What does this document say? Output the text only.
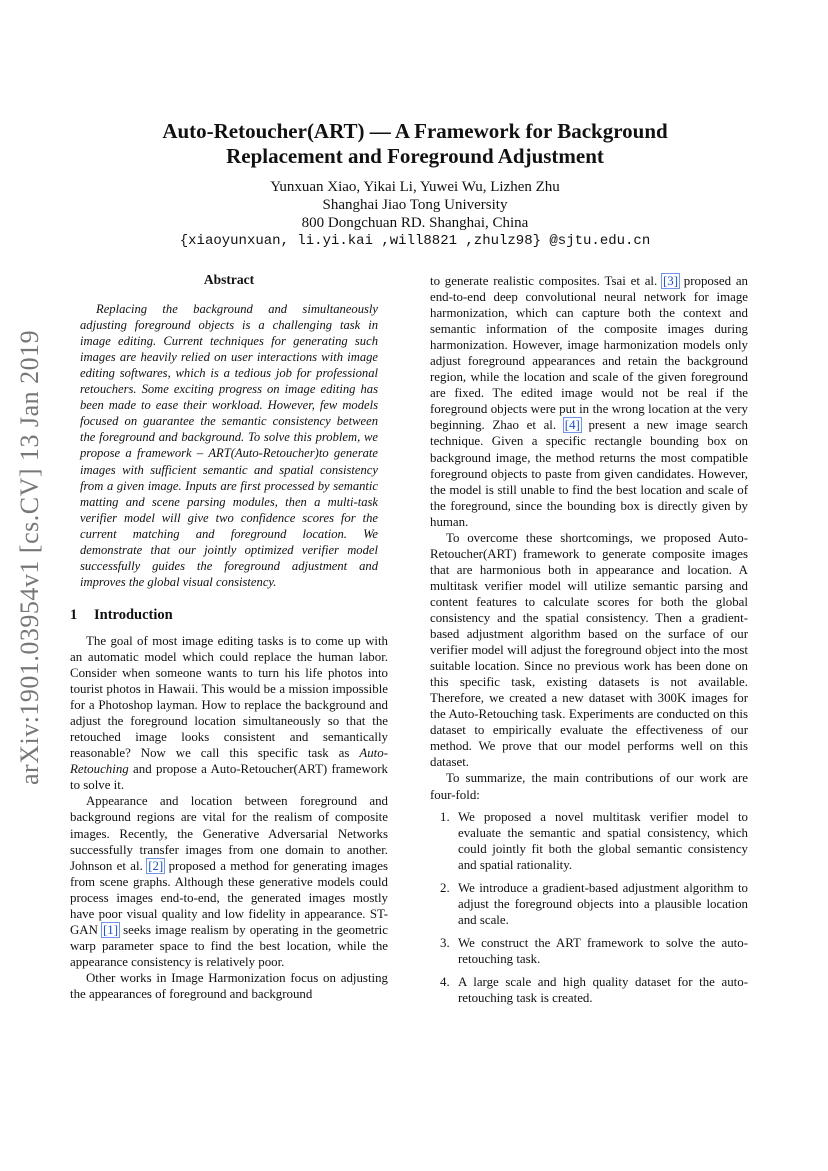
arXiv:1901.03954v1 [cs.CV] 13 Jan 2019
Auto-Retoucher(ART) — A Framework for Background
Replacement and Foreground Adjustment
Yunxuan Xiao, Yikai Li, Yuwei Wu, Lizhen Zhu
Shanghai Jiao Tong University
800 Dongchuan RD. Shanghai, China
{xiaoyunxuan, li.yi.kai ,will8821 ,zhulz98} @sjtu.edu.cn
Abstract

Replacing the background and simultaneously adjusting foreground objects is a challenging task in image editing. Current techniques for generating such images are heavily relied on user interactions with image editing softwares, which is a tedious job for professional retouchers. Some exciting progress on image editing has been made to ease their workload. However, few models focused on guarantee the semantic consistency between the foreground and background. To solve this problem, we propose a framework – ART(Auto-Retoucher)to generate images with sufficient semantic and spatial consistency from a given image. Inputs are first processed by semantic matting and scene parsing modules, then a multi-task verifier model will give two confidence scores for the current matching and foreground location. We demonstrate that our jointly optimized verifier model successfully guides the foreground adjustment and improves the global visual consistency.

1 Introduction

The goal of most image editing tasks is to come up with an automatic model which could replace the human labor. Consider when someone wants to turn his life photos into tourist photos in Hawaii. This would be a mission impossible for a Photoshop layman. How to replace the background and adjust the foreground location simultaneously so that the retouched image looks consistent and semantically reasonable? Now we call this specific task as Auto-Retouching and propose a Auto-Retoucher(ART) framework to solve it.

Appearance and location between foreground and background regions are vital for the realism of composite images. Recently, the Generative Adversarial Networks successfully transfer images from one domain to another. Johnson et al. [2] proposed a method for generating images from scene graphs. Although these generative models could process images end-to-end, the generated images mostly have poor visual quality and low fidelity in appearance. ST-GAN [1] seeks image realism by operating in the geometric warp parameter space to find the best location, while the appearance consistency is relatively poor.

Other works in Image Harmonization focus on adjusting the appearances of foreground and background

to generate realistic composites. Tsai et al. [3] proposed an end-to-end deep convolutional neural network for image harmonization, which can capture both the context and semantic information of the composite images during harmonization. However, image harmonization models only adjust foreground appearances and retain the background region, while the location and scale of the given foreground are fixed. The edited image would not be real if the foreground objects were put in the wrong location at the very beginning. Zhao et al. [4] present a new image search technique. Given a specific rectangle bounding box on background image, the method returns the most compatible foreground objects to paste from given candidates. However, the model is still unable to find the best location and scale of the foreground, since the bounding box is directly given by human.

To overcome these shortcomings, we proposed Auto-Retoucher(ART) framework to generate composite images that are harmonious both in appearance and location. A multitask verifier model will utilize semantic parsing and content features to calculate scores for both the global consistency and the spatial consistency. Then a gradient-based adjustment algorithm based on the surface of our verifier model will adjust the foreground object into the most suitable location. Since no previous work has been done on this specific task, existing datasets is not available. Therefore, we created a new dataset with 300K images for the Auto-Retouching task. Experiments are conducted on this dataset to empirically evaluate the effectiveness of our method. We prove that our model performs well on this dataset.

To summarize, the main contributions of our work are four-fold:

1. We proposed a novel multitask verifier model to evaluate the semantic and spatial consistency, which could jointly fit both the global semantic consistency and spatial rationality.
2. We introduce a gradient-based adjustment algorithm to adjust the foreground objects into a plausible location and scale.
3. We construct the ART framework to solve the auto-retouching task.
4. A large scale and high quality dataset for the auto-retouching task is created.
